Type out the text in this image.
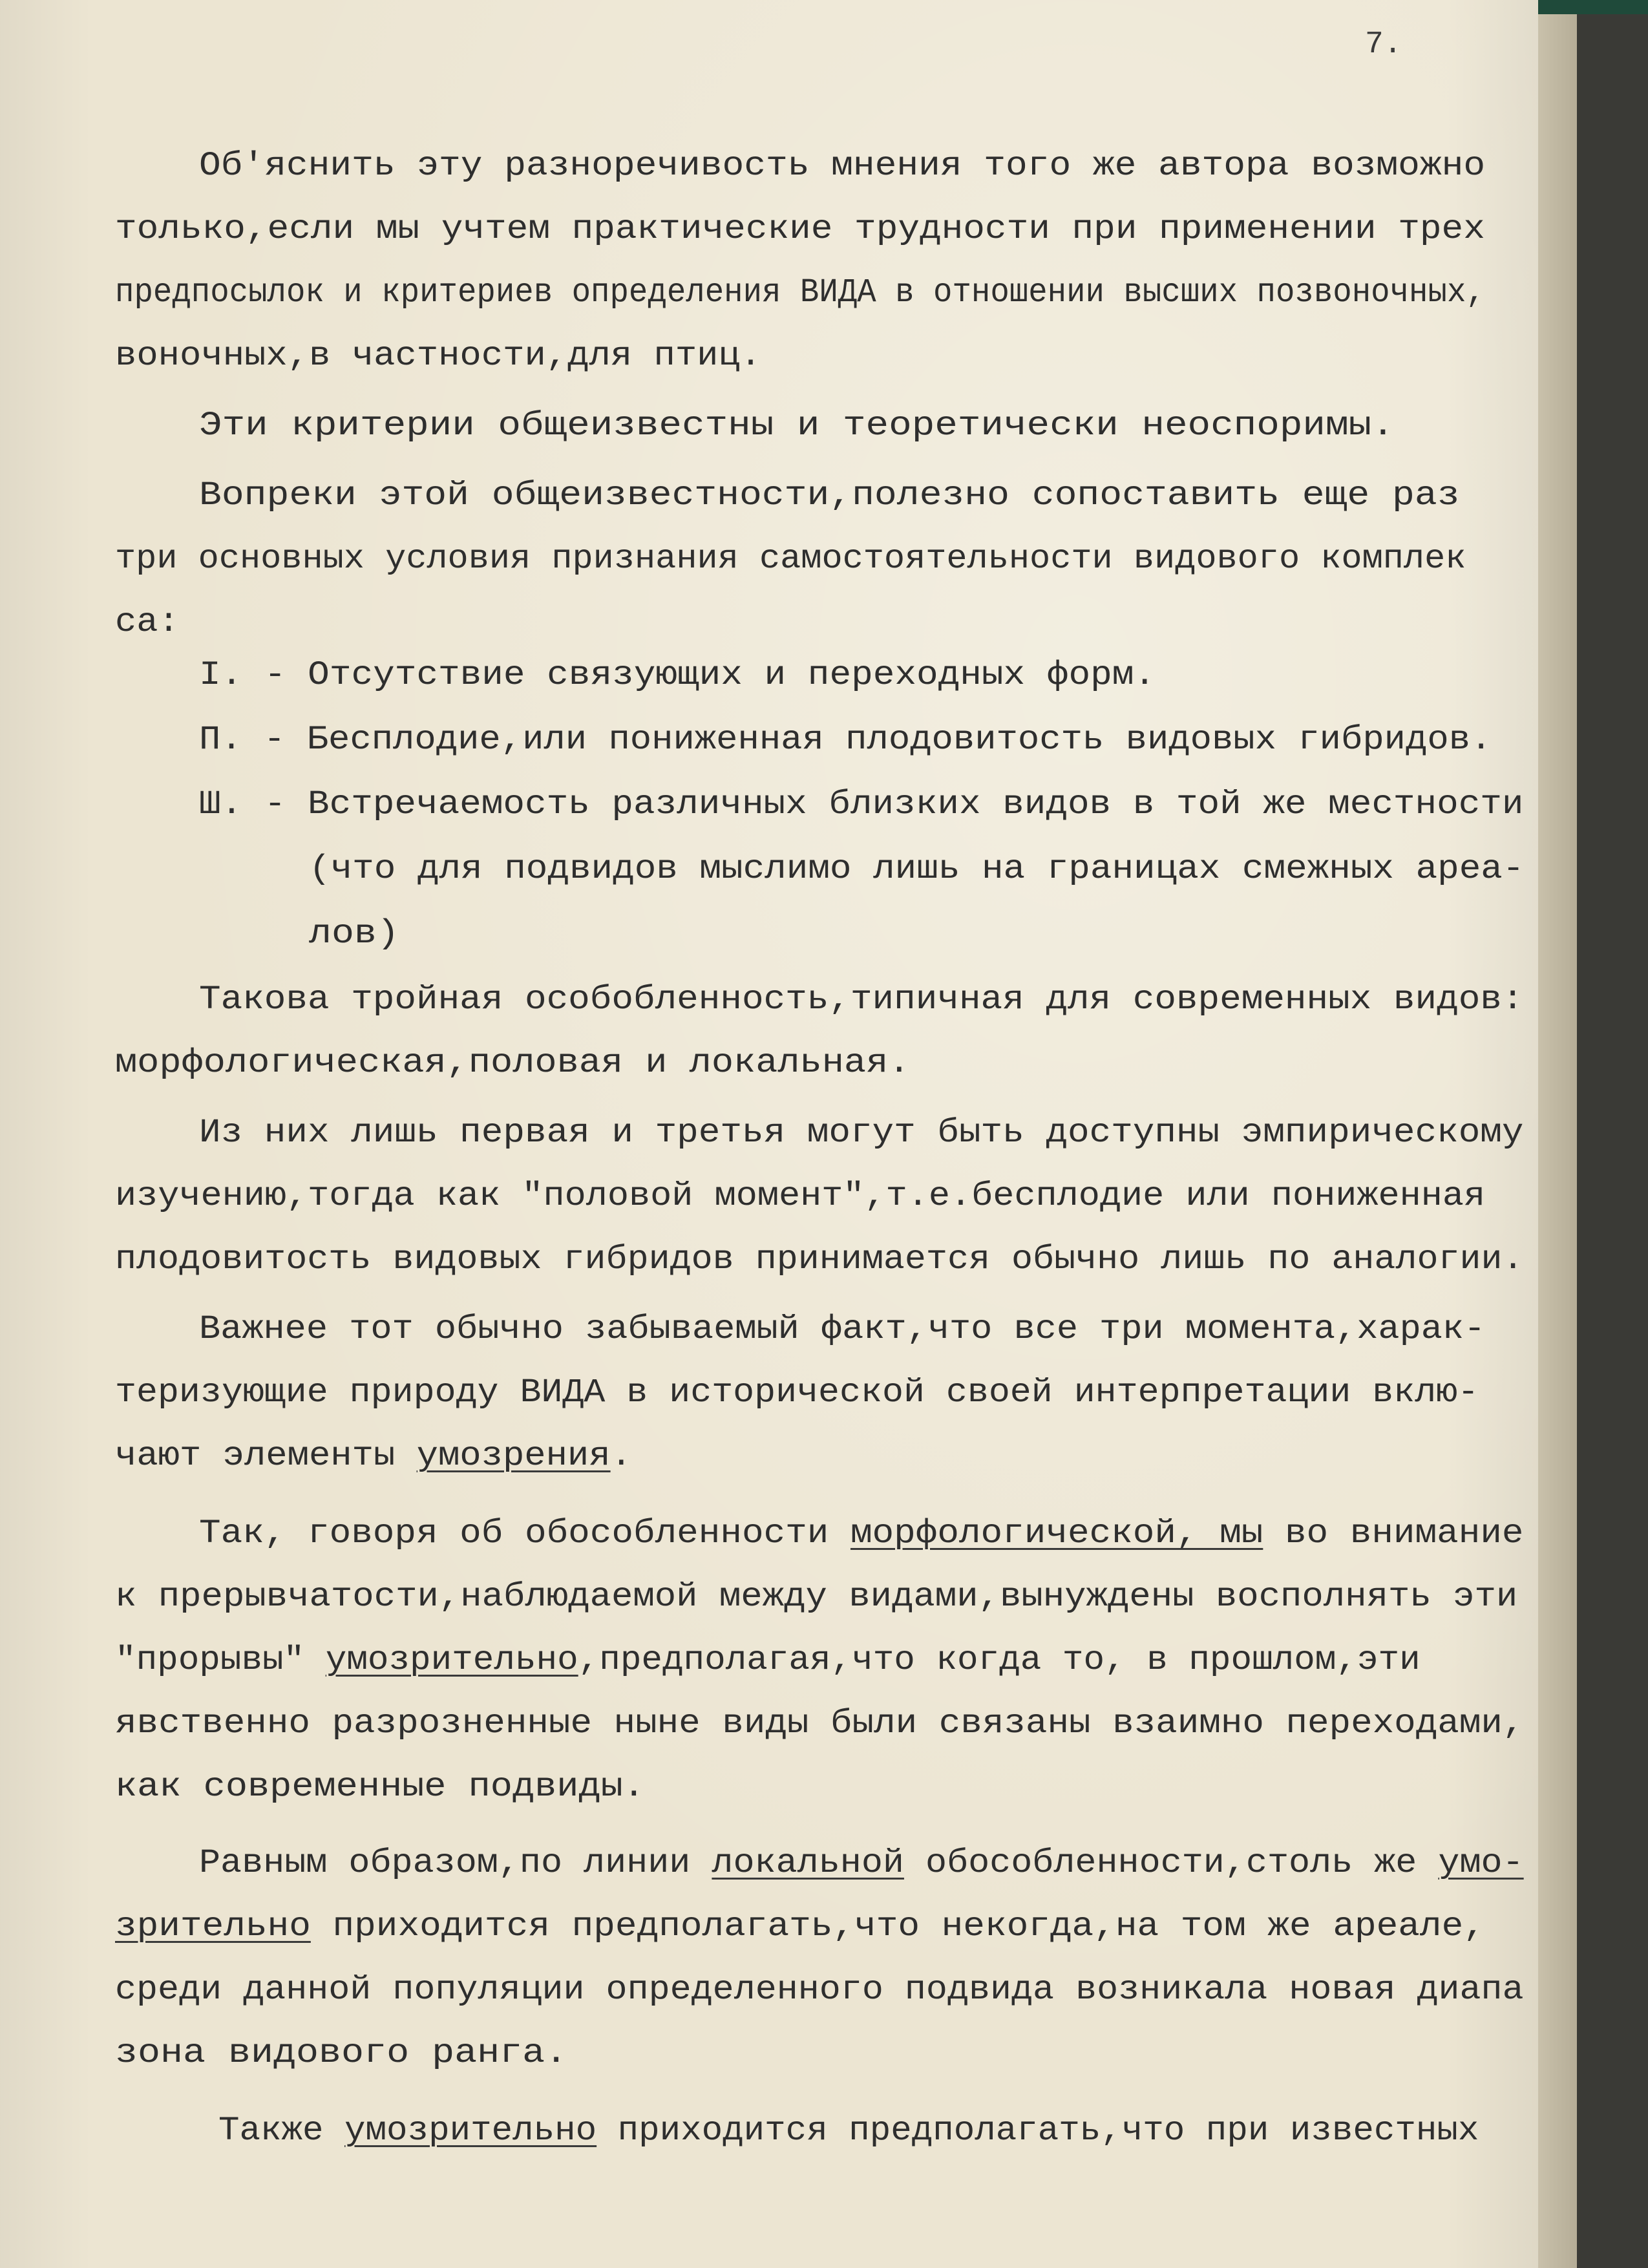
7.
Об'яснить эту разноречивость мнения того же автора возможно
только,если мы учтем практические трудности при применении трех
предпосылок и критериев определения ВИДА в отношении высших позвоночных,
воночных,в частности,для птиц.
Эти критерии общеизвестны и теоретически неоспоримы.
Вопреки этой общеизвестности,полезно сопоставить еще раз
три основных условия признания самостоятельности видового комплек
са:
I. - Отсутствие связующих и переходных форм.
П. - Бесплодие,или пониженная плодовитость видовых гибридов.
Ш. - Встречаемость различных близких видов в той же местности
(что для подвидов мыслимо лишь на границах смежных ареа-
лов)
Такова тройная особобленность,типичная для современных видов:
морфологическая,половая и локальная.
Из них лишь первая и третья могут быть доступны эмпирическому
изучению,тогда как "половой момент",т.е.бесплодие или пониженная
плодовитость видовых гибридов принимается обычно лишь по аналогии.
Важнее тот обычно забываемый факт,что все три момента,харак-
теризующие природу ВИДА в исторической своей интерпретации вклю-
чают элементы умозрения.
Так, говоря об обособленности морфологической, мы во внимание
к прерывчатости,наблюдаемой между видами,вынуждены восполнять эти
"прорывы" умозрительно,предполагая,что когда то, в прошлом,эти
явственно разрозненные ныне виды были связаны взаимно переходами,
как современные подвиды.
Равным образом,по линии локальной обособленности,столь же умо-
зрительно приходится предполагать,что некогда,на том же ареале,
среди данной популяции определенного подвида возникала новая диапа
зона видового ранга.
Также умозрительно приходится предполагать,что при известных
